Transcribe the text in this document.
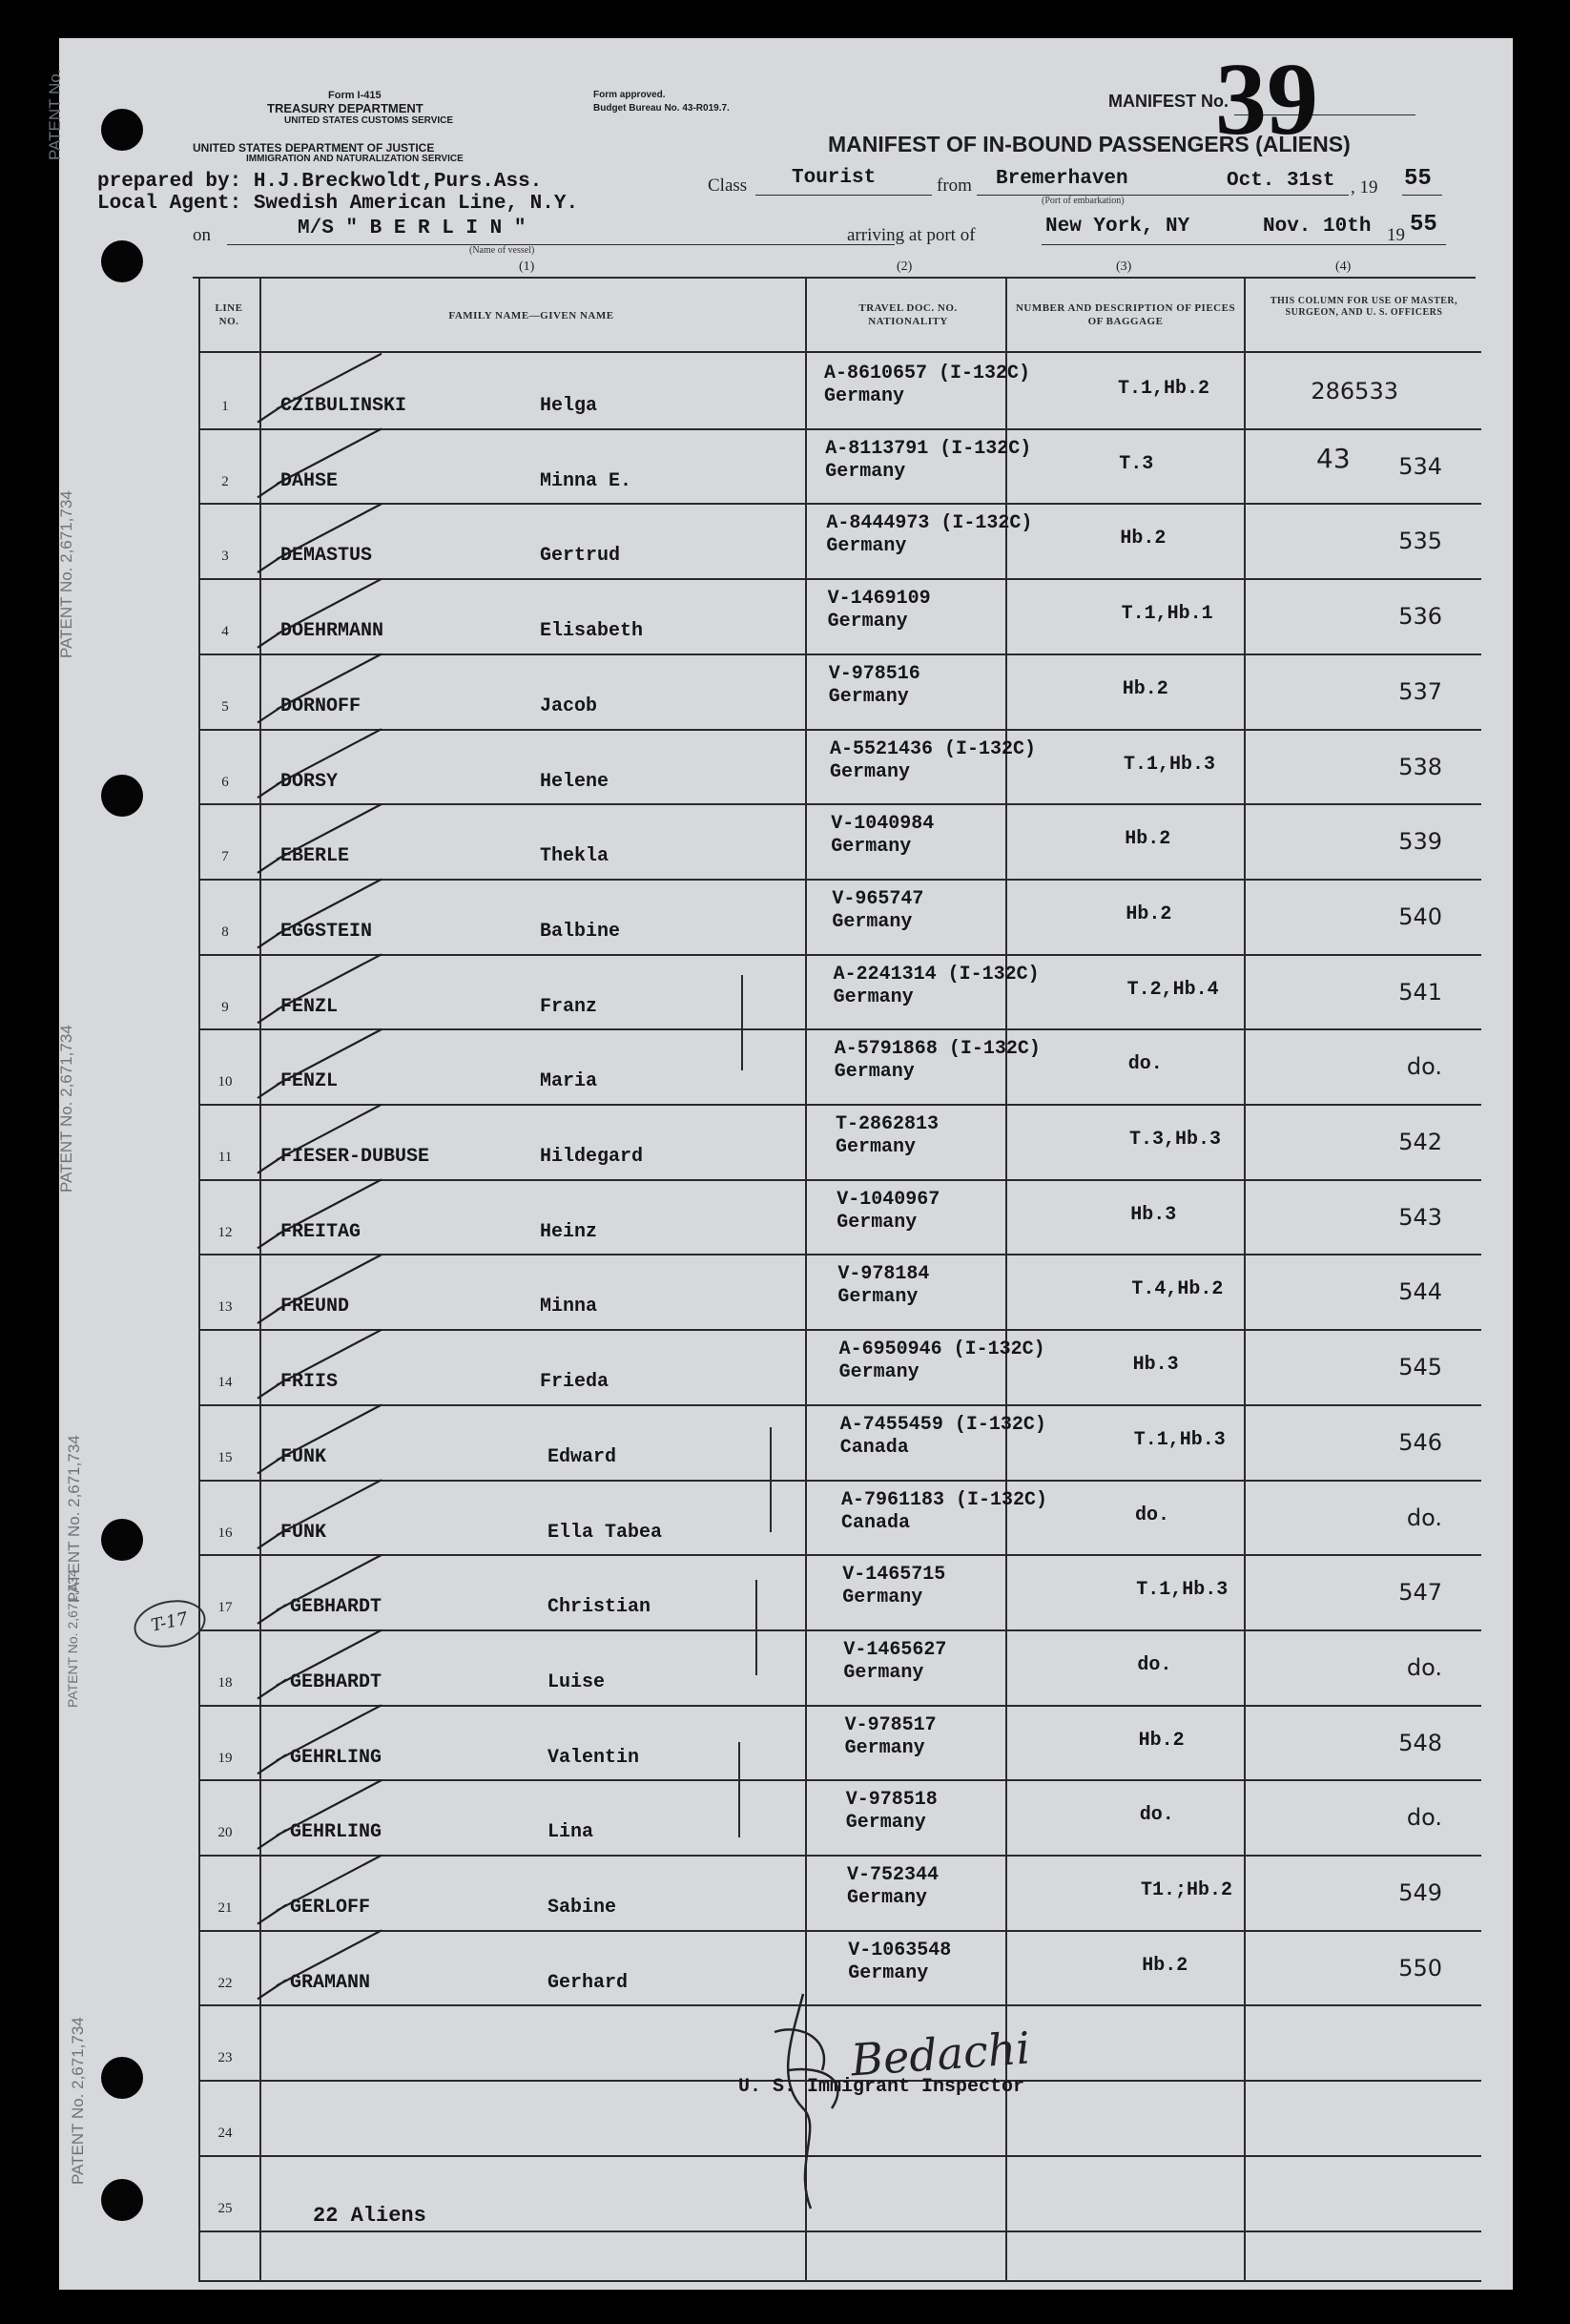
PATENT No.
PATENT No. 2,671,734
PATENT No. 2,671,734
PATENT No. 2,671,734
PATENT No. 2,671,734
PATENT No. 2,671,734
T-17
Form I-415
TREASURY DEPARTMENT
UNITED STATES CUSTOMS SERVICE
UNITED STATES DEPARTMENT OF JUSTICE
IMMIGRATION AND NATURALIZATION SERVICE
Form approved.
Budget Bureau No. 43-R019.7.	MANIFEST No.
39
MANIFEST OF IN-BOUND PASSENGERS (ALIENS)
prepared by: H.J.Breckwoldt,Purs.Ass.
Local Agent: Swedish American Line, N.Y.
Class Tourist	from Bremerhaven	Oct. 31st , 19 55
(Port of embarkation)
on	M/S " B E R L I N "
(Name of vessel)
arriving at port of	New York, NY	Nov. 10th 19 55
(1)	(2)	(3)	(4)
LINE NO.	FAMILY NAME—GIVEN NAME
TRAVEL DOC. NO. NATIONALITY
NUMBER AND DESCRIPTION OF PIECES OF BAGGAGE
THIS COLUMN FOR USE OF MASTER, SURGEON, AND U. S. OFFICERS
1	CZIBULINSKI	Helga
A-8610657 (I-132C)
Germany	T.1,Hb.2	286533
2	DAHSE	Minna E.
A-8113791 (I-132C)
Germany	T.3	534
3	DEMASTUS	Gertrud
A-8444973 (I-132C)
Germany	Hb.2	535
4	DOEHRMANN	Elisabeth
V-1469109
Germany	T.1,Hb.1	536
5	DORNOFF	Jacob
V-978516
Germany	Hb.2	537
6	DORSY	Helene
A-5521436 (I-132C)
Germany	T.1,Hb.3	538
7	EBERLE	Thekla
V-1040984
Germany	Hb.2	539
8	EGGSTEIN	Balbine
V-965747
Germany	Hb.2	540
9	FENZL	Franz
A-2241314 (I-132C)
Germany	T.2,Hb.4	541
10	FENZL	Maria
A-5791868 (I-132C)
Germany	do.	do.
11	FIESER-DUBUSE	Hildegard
T-2862813
Germany	T.3,Hb.3	542
12	FREITAG	Heinz
V-1040967
Germany	Hb.3	543
13	FREUND	Minna
V-978184
Germany	T.4,Hb.2	544
14	FRIIS	Frieda
A-6950946 (I-132C)
Germany	Hb.3	545
15	FUNK	Edward
A-7455459 (I-132C)
Canada	T.1,Hb.3	546
16	FUNK	Ella Tabea
A-7961183 (I-132C)
Canada	do.	do.
17	GEBHARDT	Christian
V-1465715
Germany	T.1,Hb.3	547
18	GEBHARDT	Luise
V-1465627
Germany	do.	do.
19	GEHRLING	Valentin
V-978517
Germany	Hb.2	548
20	GEHRLING	Lina
V-978518
Germany	do.	do.
21	GERLOFF	Sabine
V-752344
Germany	T1.;Hb.2	549
22	GRAMANN	Gerhard
V-1063548
Germany	Hb.2	550
23
24
25
43
22 Aliens
Bedachi
U. S. Immigrant Inspector
